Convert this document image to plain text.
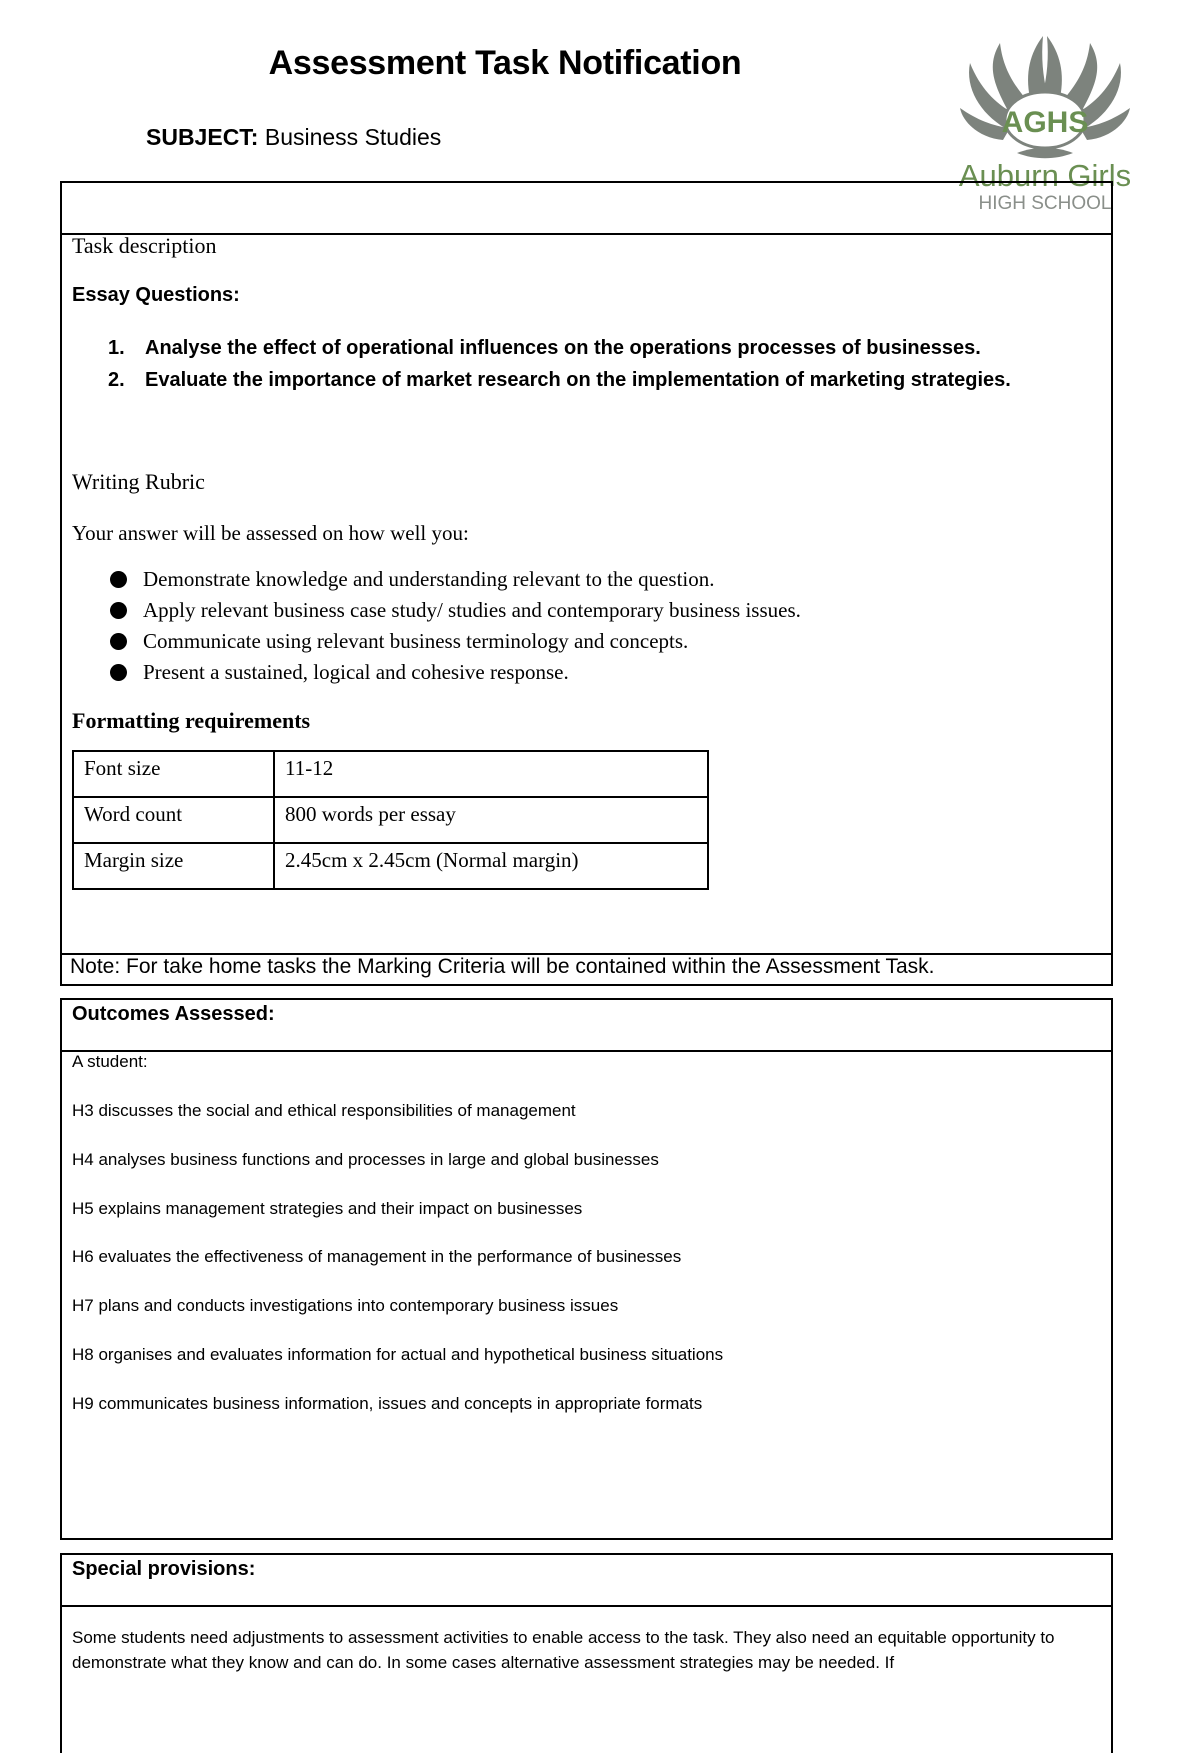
Assessment Task Notification
SUBJECT: Business Studies	AGHS
Auburn Girls
HIGH SCHOOL
Task description
Essay Questions:
1. Analyse the effect of operational influences on the operations processes of businesses.
2. Evaluate the importance of market research on the implementation of marketing strategies.
Writing Rubric
Your answer will be assessed on how well you:
Demonstrate knowledge and understanding relevant to the question.
Apply relevant business case study/ studies and contemporary business issues.
Communicate using relevant business terminology and concepts.
Present a sustained, logical and cohesive response.
Formatting requirements
Font size	11-12
Word count	800 words per essay
Margin size	2.45cm x 2.45cm (Normal margin)
Note: For take home tasks the Marking Criteria will be contained within the Assessment Task.
Outcomes Assessed:
A student:
H3 discusses the social and ethical responsibilities of management
H4 analyses business functions and processes in large and global businesses
H5 explains management strategies and their impact on businesses
H6 evaluates the effectiveness of management in the performance of businesses
H7 plans and conducts investigations into contemporary business issues
H8 organises and evaluates information for actual and hypothetical business situations
H9 communicates business information, issues and concepts in appropriate formats
Special provisions:
Some students need adjustments to assessment activities to enable access to the task. They also need an equitable opportunity to demonstrate what they know and can do. In some cases alternative assessment strategies may be needed. If
